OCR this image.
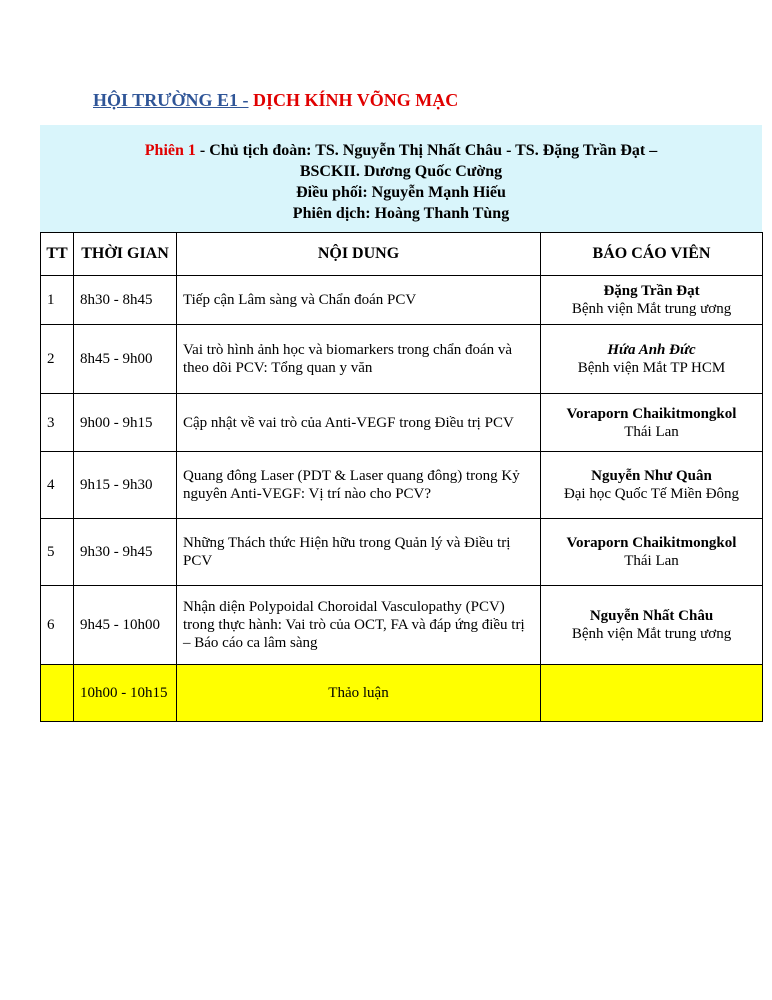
HỘI TRƯỜNG E1 - DỊCH KÍNH VÕNG MẠC
Phiên 1 - Chủ tịch đoàn: TS. Nguyễn Thị Nhất Châu - TS. Đặng Trần Đạt –
BSCKII. Dương Quốc Cường
Điều phối: Nguyễn Mạnh Hiếu
Phiên dịch: Hoàng Thanh Tùng
TT	THỜI GIAN	NỘI DUNG	BÁO CÁO VIÊN
1	8h30 - 8h45	Tiếp cận Lâm sàng và Chẩn đoán PCV	Đặng Trần Đạt
Bệnh viện Mắt trung ương

2	8h45 - 9h00	Vai trò hình ảnh học và biomarkers trong chẩn đoán và theo dõi PCV: Tổng quan y văn	Hứa Anh Đức
Bệnh viện Mắt TP HCM

3	9h00 - 9h15	Cập nhật về vai trò của Anti-VEGF trong Điều trị PCV	Voraporn Chaikitmongkol
Thái Lan

4	9h15 - 9h30	Quang đông Laser (PDT & Laser quang đông) trong Kỷ nguyên Anti-VEGF: Vị trí nào cho PCV?	Nguyễn Như Quân
Đại học Quốc Tế Miền Đông

5	9h30 - 9h45	Những Thách thức Hiện hữu trong Quản lý và Điều trị PCV	Voraporn Chaikitmongkol
Thái Lan

6	9h45 - 10h00	Nhận diện Polypoidal Choroidal Vasculopathy (PCV) trong thực hành: Vai trò của OCT, FA và đáp ứng điều trị – Báo cáo ca lâm sàng	Nguyễn Nhất Châu
Bệnh viện Mắt trung ương

	10h00 - 10h15	Thảo luận	
